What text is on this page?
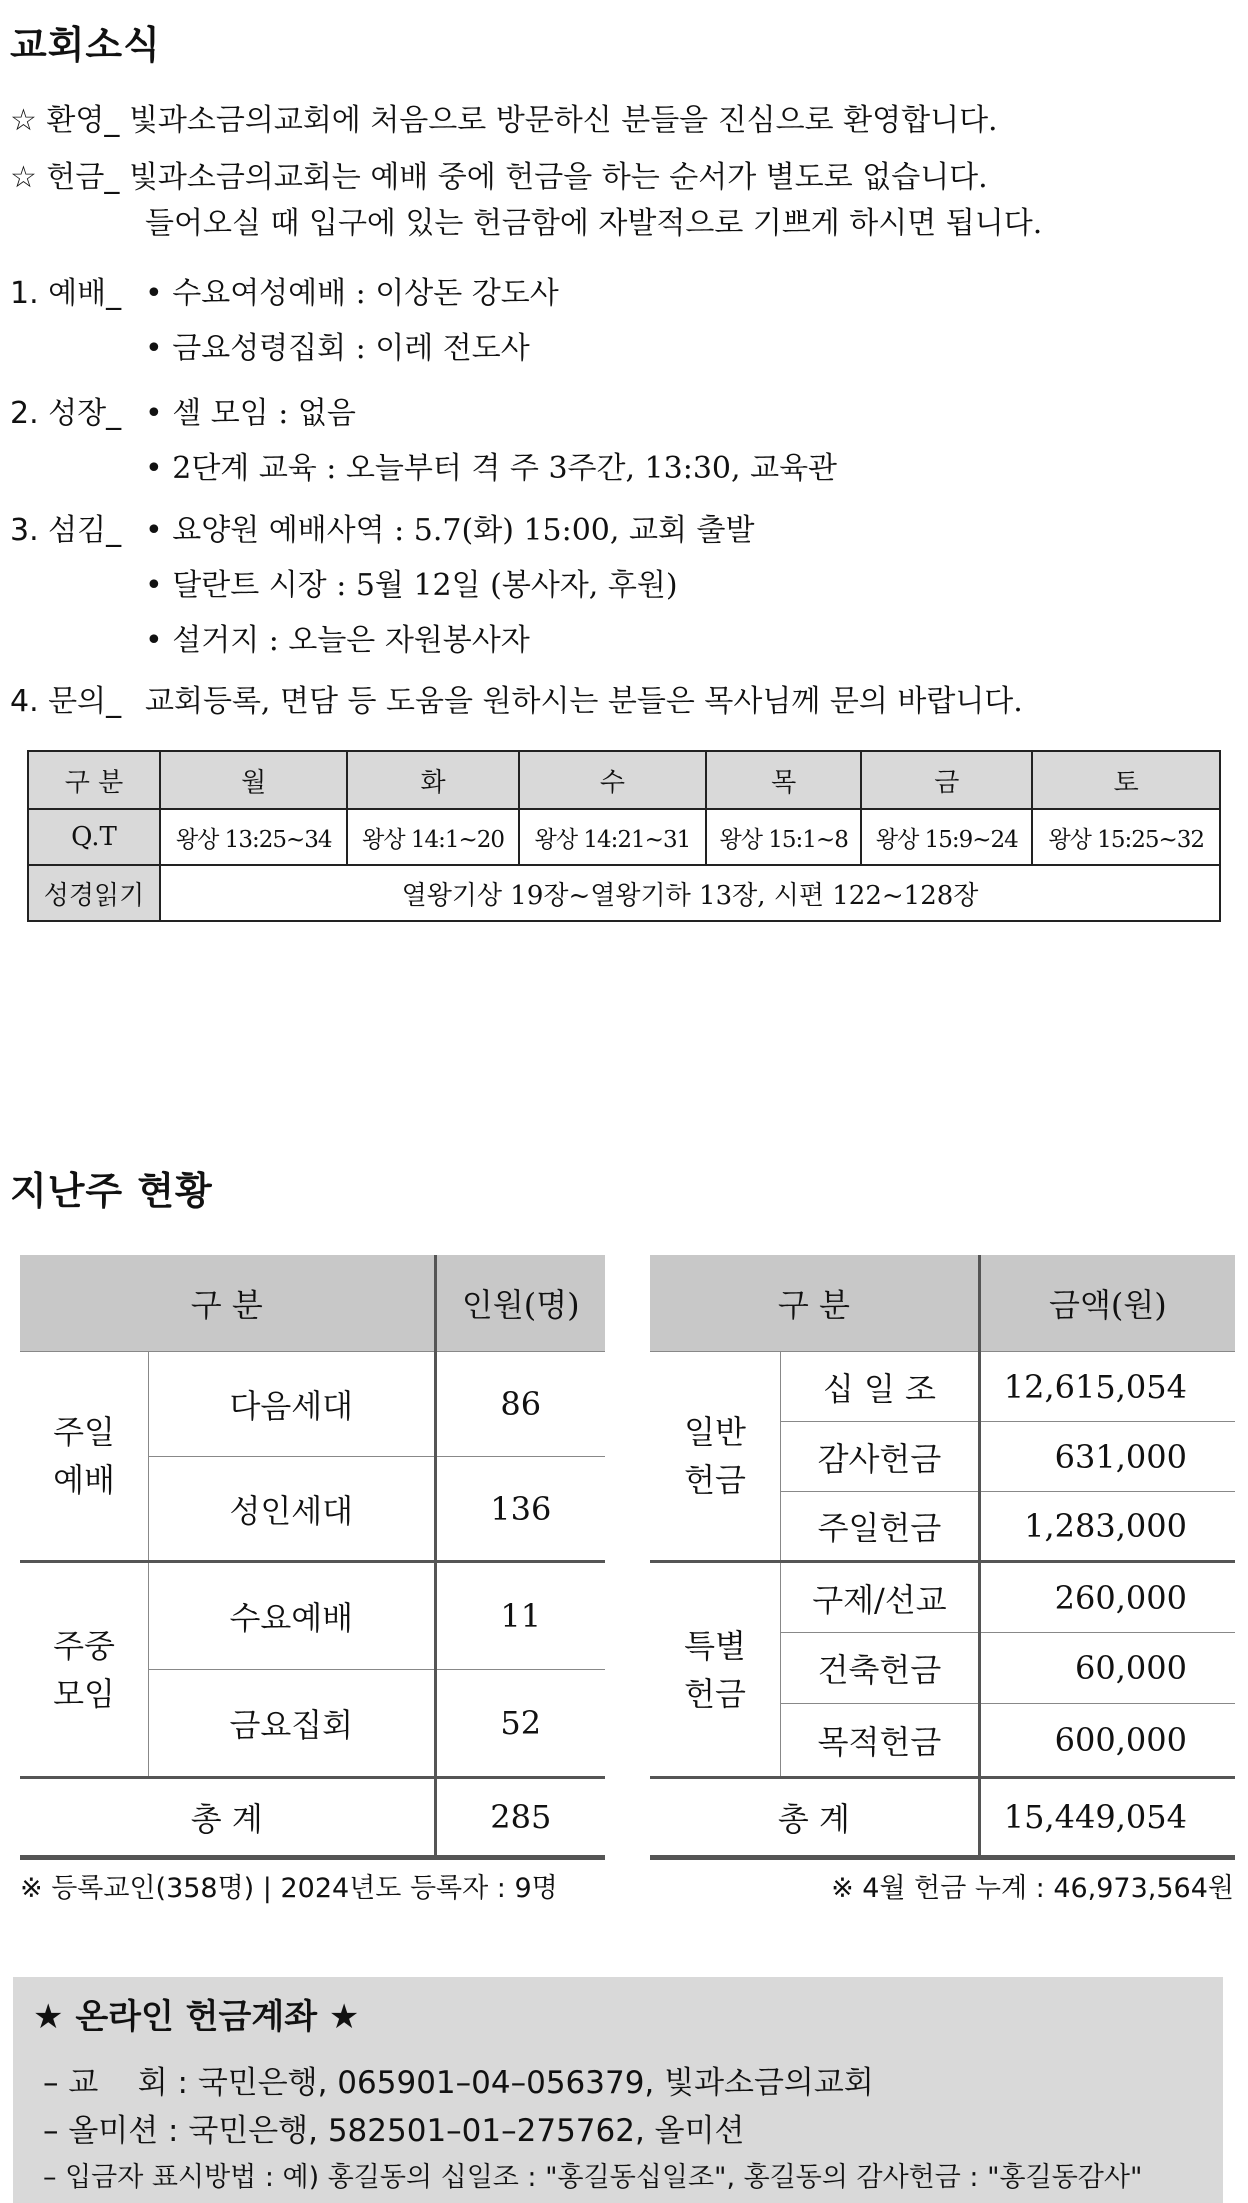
교회소식
☆ 환영_ 빛과소금의교회에 처음으로 방문하신 분들을 진심으로 환영합니다.
☆ 헌금_ 빛과소금의교회는 예배 중에 헌금을 하는 순서가 별도로 없습니다.
들어오실 때 입구에 있는 헌금함에 자발적으로 기쁘게 하시면 됩니다.
1. 예배_ • 수요여성예배 : 이상돈 강도사
• 금요성령집회 : 이레 전도사
2. 성장_ • 셀 모임 : 없음
• 2단계 교육 : 오늘부터 격 주 3주간, 13:30, 교육관
3. 섬김_ • 요양원 예배사역 : 5.7(화) 15:00, 교회 출발
• 달란트 시장 : 5월 12일 (봉사자, 후원)
• 설거지 : 오늘은 자원봉사자
4. 문의_ 교회등록, 면담 등 도움을 원하시는 분들은 목사님께 문의 바랍니다.
구 분	월	화	수	목	금	토
Q.T	왕상 13:25~34	왕상 14:1~20	왕상 14:21~31	왕상 15:1~8	왕상 15:9~24	왕상 15:25~32
성경읽기	열왕기상 19장~열왕기하 13장, 시편 122~128장					
지난주 현황
구 분		인원(명)
주일
예배	다음세대	86
	성인세대	136
주중
모임	수요예배	11
	금요집회	52
총 계		285
구 분		금액(원)
일반
헌금	십 일 조	12,615,054
	감사헌금	631,000
	주일헌금	1,283,000
특별
헌금	구제/선교	260,000
	건축헌금	60,000
	목적헌금	600,000
총 계		15,449,054
※ 등록교인(358명) | 2024년도 등록자 : 9명	※ 4월 헌금 누계 : 46,973,564원
★ 온라인 헌금계좌 ★
– 교    회 : 국민은행, 065901–04–056379, 빛과소금의교회
– 올미션 : 국민은행, 582501–01–275762, 올미션
– 입금자 표시방법 : 예) 홍길동의 십일조 : "홍길동십일조", 홍길동의 감사헌금 : "홍길동감사"
